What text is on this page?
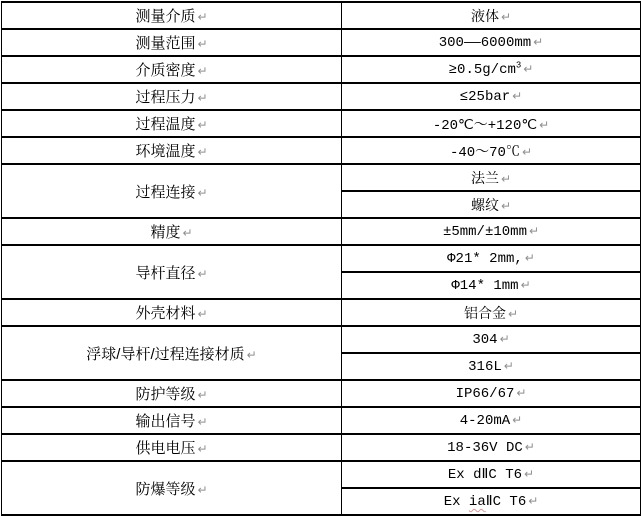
测量介质 ↵	液体 ↵
测量范围 ↵	300——6000mm ↵
介质密度 ↵	$\ge 0.5g/cm^3$ ↵
过程压力 ↵	≤25bar ↵
过程温度 ↵	-20℃～+120℃ ↵
环境温度 ↵	-40～70℃ ↵
过程连接 ↵	法兰 ↵
	螺纹 ↵
精度 ↵	±5mm/±10mm ↵
导杆直径 ↵	Φ21* 2mm, ↵
	Φ14* 1mm ↵
外壳材料 ↵	铝合金 ↵
浮球/导杆/过程连接材质 ↵	304 ↵
	316L ↵
防护等级 ↵	IP66/67 ↵
输出信号 ↵	4-20mA ↵
供电电压 ↵	18-36V DC ↵
防爆等级 ↵	Ex dⅡC T6 ↵
	Ex iaⅡC T6 ↵
